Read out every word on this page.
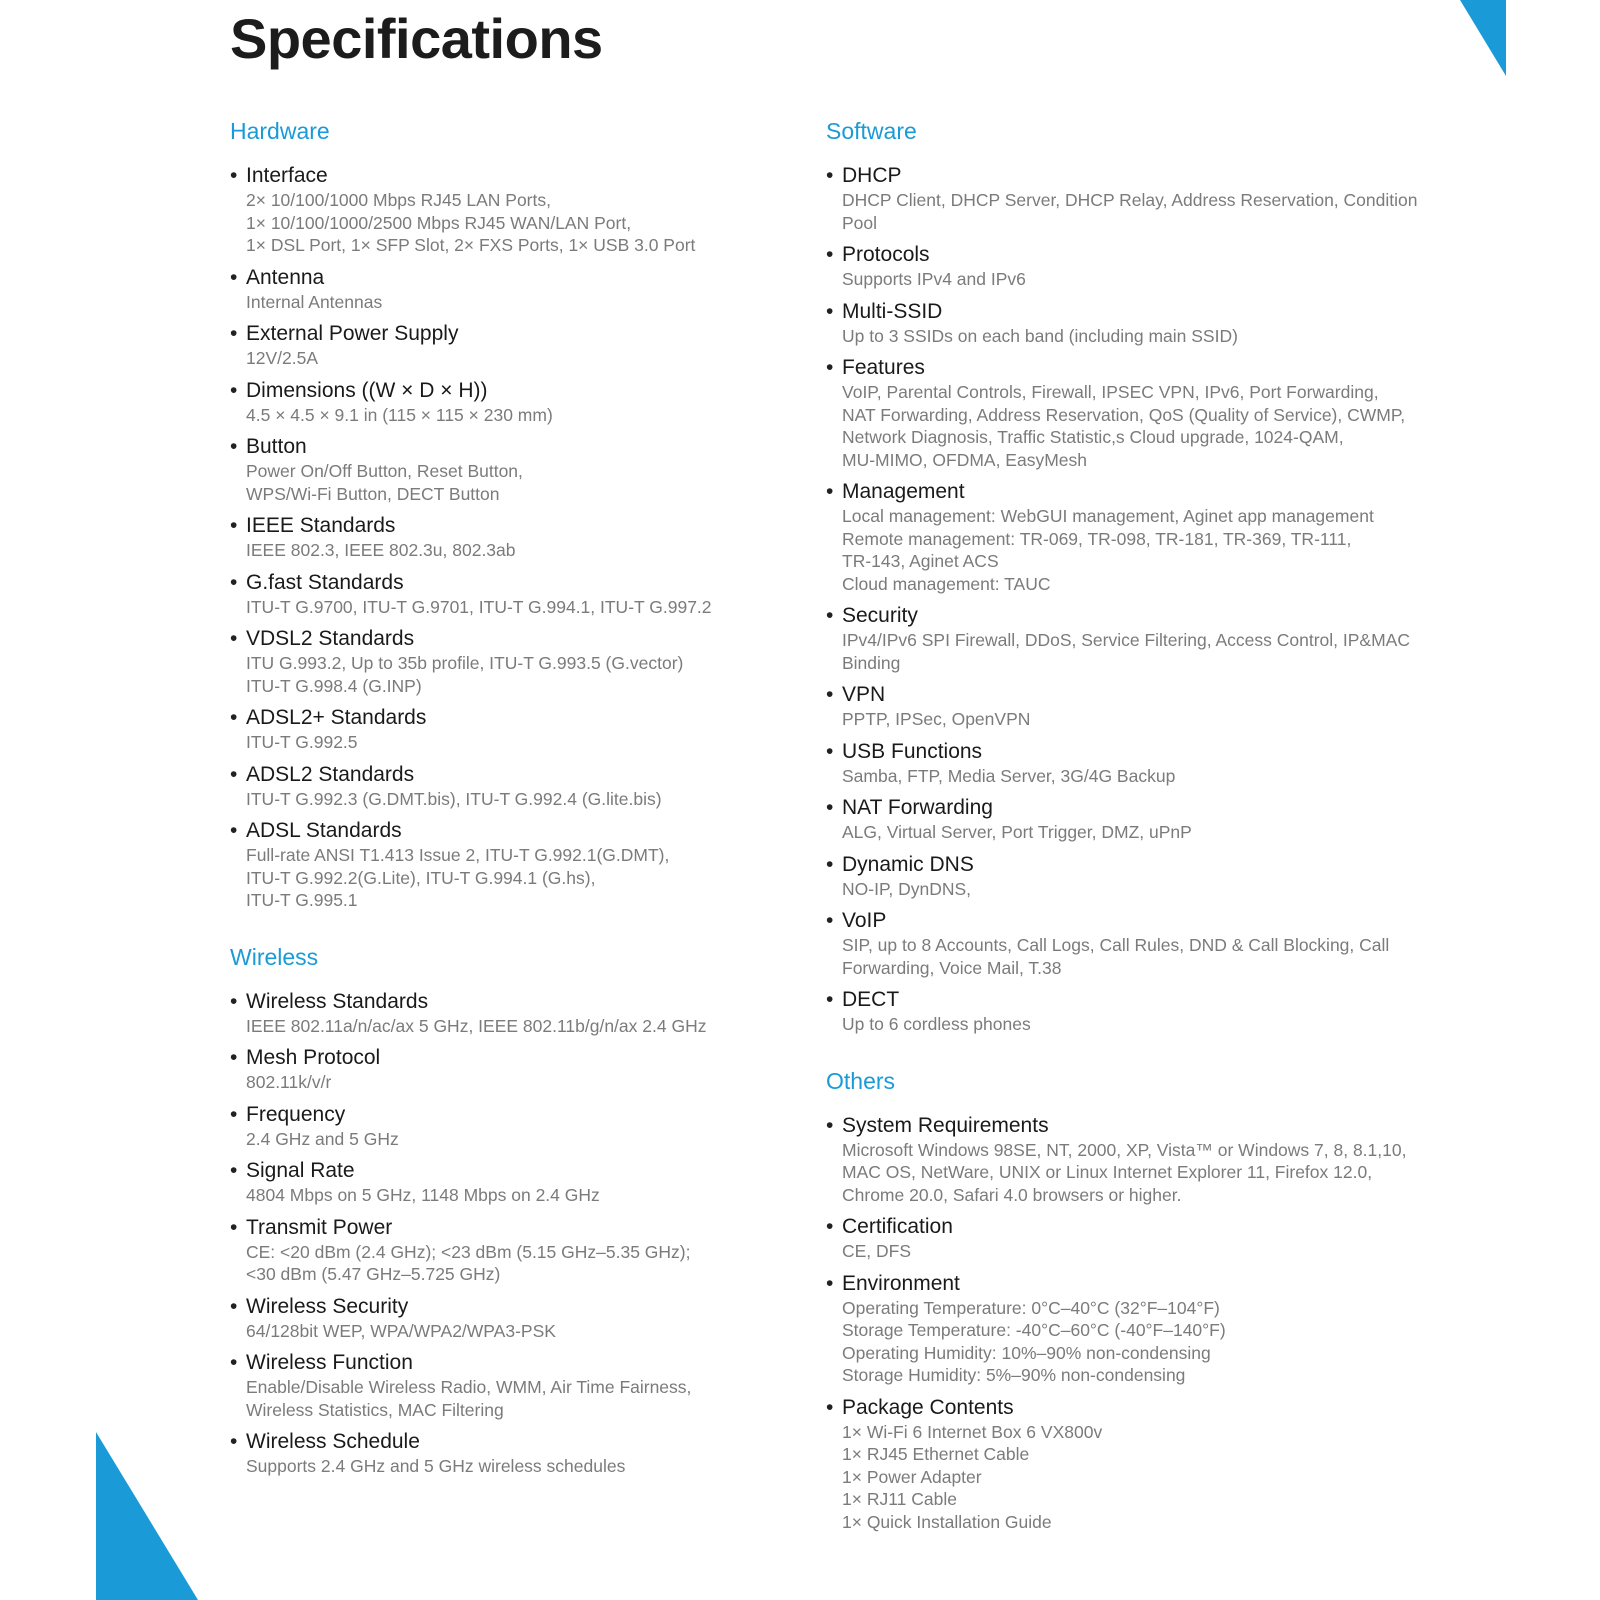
Specifications
Hardware
• Interface
2× 10/100/1000 Mbps RJ45 LAN Ports,
1× 10/100/1000/2500 Mbps RJ45 WAN/LAN Port,
1× DSL Port, 1× SFP Slot, 2× FXS Ports, 1× USB 3.0 Port
• Antenna
Internal Antennas
• External Power Supply
12V/2.5A
• Dimensions ((W × D × H))
4.5 × 4.5 × 9.1 in (115 × 115 × 230 mm)
• Button
Power On/Off Button, Reset Button,
WPS/Wi-Fi Button, DECT Button
• IEEE Standards
IEEE 802.3, IEEE 802.3u, 802.3ab
• G.fast Standards
ITU-T G.9700, ITU-T G.9701, ITU-T G.994.1, ITU-T G.997.2
• VDSL2 Standards
ITU G.993.2, Up to 35b profile, ITU-T G.993.5 (G.vector)
ITU-T G.998.4 (G.INP)
• ADSL2+ Standards
ITU-T G.992.5
• ADSL2 Standards
ITU-T G.992.3 (G.DMT.bis), ITU-T G.992.4 (G.lite.bis)
• ADSL Standards
Full-rate ANSI T1.413 Issue 2, ITU-T G.992.1(G.DMT),
ITU-T G.992.2(G.Lite), ITU-T G.994.1 (G.hs),
ITU-T G.995.1
Wireless
• Wireless Standards
IEEE 802.11a/n/ac/ax 5 GHz, IEEE 802.11b/g/n/ax 2.4 GHz
• Mesh Protocol
802.11k/v/r
• Frequency
2.4 GHz and 5 GHz
• Signal Rate
4804 Mbps on 5 GHz, 1148 Mbps on 2.4 GHz
• Transmit Power
CE: <20 dBm (2.4 GHz); <23 dBm (5.15 GHz–5.35 GHz);
<30 dBm (5.47 GHz–5.725 GHz)
• Wireless Security
64/128bit WEP, WPA/WPA2/WPA3-PSK
• Wireless Function
Enable/Disable Wireless Radio, WMM, Air Time Fairness,
Wireless Statistics, MAC Filtering
• Wireless Schedule
Supports 2.4 GHz and 5 GHz wireless schedules
Software
• DHCP
DHCP Client, DHCP Server, DHCP Relay, Address Reservation, Condition
Pool
• Protocols
Supports IPv4 and IPv6
• Multi-SSID
Up to 3 SSIDs on each band (including main SSID)
• Features
VoIP, Parental Controls, Firewall, IPSEC VPN, IPv6, Port Forwarding,
NAT Forwarding, Address Reservation, QoS (Quality of Service), CWMP,
Network Diagnosis, Traffic Statistic,s Cloud upgrade, 1024-QAM,
MU-MIMO, OFDMA, EasyMesh
• Management
Local management: WebGUI management, Aginet app management
Remote management: TR-069, TR-098, TR-181, TR-369, TR-111,
TR-143, Aginet ACS
Cloud management: TAUC
• Security
IPv4/IPv6 SPI Firewall, DDoS, Service Filtering, Access Control, IP&MAC
Binding
• VPN
PPTP, IPSec, OpenVPN
• USB Functions
Samba, FTP, Media Server, 3G/4G Backup
• NAT Forwarding
ALG, Virtual Server, Port Trigger, DMZ, uPnP
• Dynamic DNS
NO-IP, DynDNS,
• VoIP
SIP, up to 8 Accounts, Call Logs, Call Rules, DND & Call Blocking, Call
Forwarding, Voice Mail, T.38
• DECT
Up to 6 cordless phones
Others
• System Requirements
Microsoft Windows 98SE, NT, 2000, XP, Vista™ or Windows 7, 8, 8.1,10,
MAC OS, NetWare, UNIX or Linux Internet Explorer 11, Firefox 12.0,
Chrome 20.0, Safari 4.0 browsers or higher.
• Certification
CE, DFS
• Environment
Operating Temperature: 0°C–40°C (32°F–104°F)
Storage Temperature: -40°C–60°C (-40°F–140°F)
Operating Humidity: 10%–90% non-condensing
Storage Humidity: 5%–90% non-condensing
• Package Contents
1× Wi-Fi 6 Internet Box 6 VX800v
1× RJ45 Ethernet Cable
1× Power Adapter
1× RJ11 Cable
1× Quick Installation Guide
